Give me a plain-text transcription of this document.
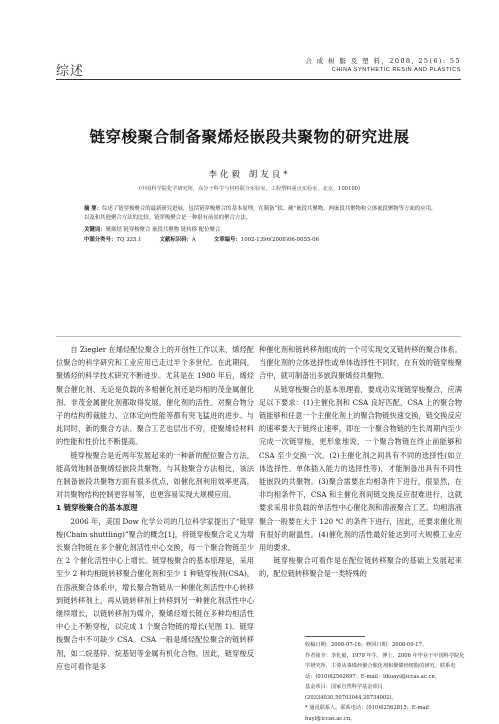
综述
合 成 树 脂 及 塑 料，2008, 25(6): 55
CHINA SYNTHETIC RESIN AND PLASTICS
链穿梭聚合制备聚烯烃嵌段共聚物的研究进展
李化毅 胡友良*
(中国科学院化学研究所，高分子科学与材料联合实验室，工程塑料重点实验室，北京，100190)
摘 要：综述了链穿梭聚合的最新研究进展，包括链穿梭聚合的基本原理，在制备“软、硬”嵌段共聚物、两嵌段共聚物和立体嵌段聚物等方面的应用，以及和其他聚合方法的比较。链穿梭聚合是一种很有前景的聚合方法。
关键词：聚烯烃 链穿梭聚合 嵌段共聚物 链转移 配位聚合
中图分类号：TQ 325.1	文献标识码：A	文章编号：1002-1396(2008)06-0055-06

自 Ziegler 在烯烃配位聚合上的开创性工作以来，烯烃配位聚合的科学研究和工业应用已走过半个多世纪。在此期间，聚烯烃的科学技术研究不断进步。尤其是在 1980 年后，烯烃聚合催化剂、无论是负载的多相催化剂还是均相的茂金属催化剂、非茂金属催化剂都取得发展。催化剂的活性、对聚合物分子的结构剪裁能力、立体定向性能等都有突飞猛进的进步。与此同时，新的聚合方法、聚合工艺也层出不穷，使聚烯烃材料的性能和性价比不断提高。

链穿梭聚合是近两年发展起来的一种新的配位聚合方法，能高效地制备聚烯烃嵌段共聚物。与其他聚合方法相比，该法在制备嵌段共聚物方面有很多优点，如催化剂利用效率更高，对共聚物结构控制更容易等，也更容易实现大规模应用。

1 链穿梭聚合的基本原理

2006 年，美国 Dow 化学公司的几位科学家提出了“链穿梭(Chain shuttling)”聚合的概念[1]，将链穿梭聚合定义为增长聚合物链在多个催化剂活性中心交换，每一个聚合物链至少在 2 个催化活性中心上增长。链穿梭聚合的基本原理是，采用至少 2 种均相链转移聚合催化剂和至少 1 种链穿梭剂(CSA)，在溶液聚合体系中，增长聚合物链从一种催化剂活性中心转移到链转移剂上，再从链转移剂上转移到另一种催化剂活性中心继续增长，以链转移剂为媒介，聚烯烃增长链在多种均相活性中心上不断穿梭，以完成 1 个聚合物链的增长(见图 1)。链穿梭聚合中不可缺少 CSA。CSA 一般是烯烃配位聚合的链转移剂，如二烷基锌、烷基铝等金属有机化合物。因此，链穿梭反应也可看作是多

种催化剂和链转移剂组成的一个可实现交叉链转移的聚合体系。当催化剂的立体选择性或单体选择性不同时，在有效的链穿梭聚合中，就可制备出多嵌段聚烯烃共聚物。

从链穿梭聚合的基本原理看，要成功实现链穿梭聚合，应满足以下要求：(1)主催化剂和 CSA 良好匹配，CSA 上的聚合物链能够和任意一个主催化剂上的聚合物链快速交换，链交换反应的速率要大于链终止速率，即在一个聚合物链的生长周期内至少完成一次链穿梭，更形象地说，一个聚合物链在终止前能够和 CSA 至少交换一次。(2)主催化剂之间具有不同的选择性(如立体选择性、单体插入能力的选择性等)，才能制备出具有不同性能嵌段的共聚物。(3)聚合需要在均相条件下进行，很显然，在非均相条件下，CSA 和主催化剂间链交换反应很难进行，这就要求采用非负载的单活性中心催化剂和溶液聚合工艺。均相溶液聚合一般要在大于 120 ℃ 的条件下进行，因此，还要求催化剂有很好的耐温性。(4)催化剂的活性最好能达到可大规模工业应用的要求。

链穿梭聚合可看作是在配位链转移聚合的基础上发展起来的，配位链转移聚合是一类特殊的

收稿日期：2008-07-16；修回日期：2008-09-17。

作者简介：李化毅，1979 年生，博士，2006 年毕业于中国科学院化学研究所，主要从事烯烃聚合催化剂和聚烯烃树脂的研究。联系电话：(010)62562697；E-mail：lihuayi@iccas.ac.cn。

基金项目：国家自然科学基金项目(20334030,50703044,20734002)。

* 通讯联系人。联系电话：(010)62562815；E-mail：huyl@iccas.ac.cn。
